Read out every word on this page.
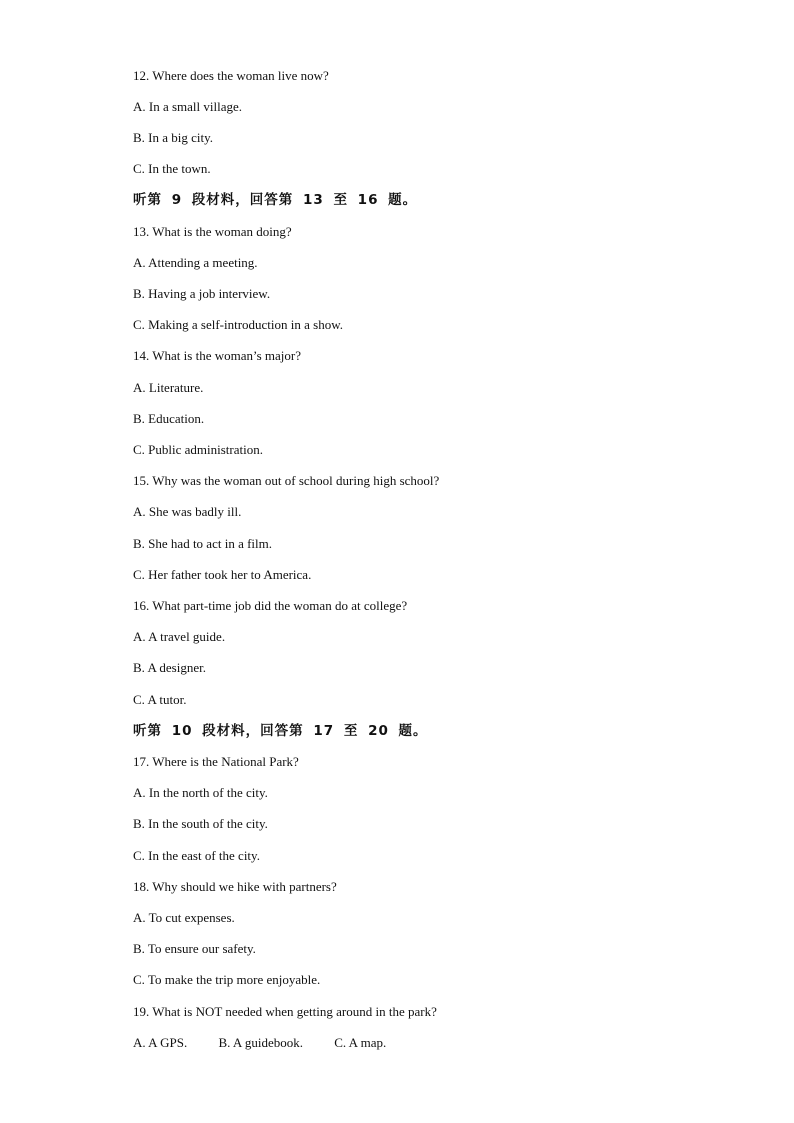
12. Where does the woman live now?
A. In a small village.
B. In a big city.
C. In the town.
听第 9 段材料，回答第 13 至 16 题。
13. What is the woman doing?
A. Attending a meeting.
B. Having a job interview.
C. Making a self-introduction in a show.
14. What is the woman’s major?
A. Literature.
B. Education.
C. Public administration.
15. Why was the woman out of school during high school?
A. She was badly ill.
B. She had to act in a film.
C. Her father took her to America.
16. What part-time job did the woman do at college?
A. A travel guide.
B. A designer.
C. A tutor.
听第 10 段材料，回答第 17 至 20 题。
17. Where is the National Park?
A. In the north of the city.
B. In the south of the city.
C. In the east of the city.
18. Why should we hike with partners?
A. To cut expenses.
B. To ensure our safety.
C. To make the trip more enjoyable.
19. What is NOT needed when getting around in the park?
A. A GPS. B. A guidebook. C. A map.
